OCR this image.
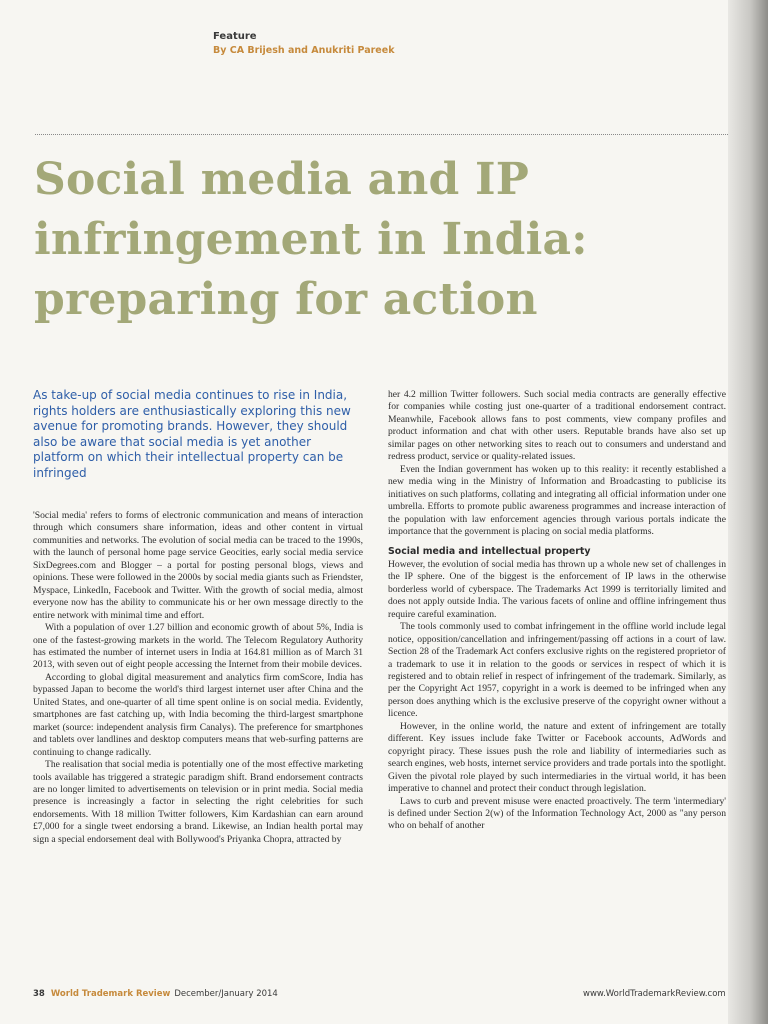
Feature
By CA Brijesh and Anukriti Pareek
Social media and IP
infringement in India:
preparing for action

As take-up of social media continues to rise in India, rights holders are enthusiastically exploring this new avenue for promoting brands. However, they should also be aware that social media is yet another platform on which their intellectual property can be infringed

'Social media' refers to forms of electronic communication and means of interaction through which consumers share information, ideas and other content in virtual communities and networks. The evolution of social media can be traced to the 1990s, with the launch of personal home page service Geocities, early social media service SixDegrees.com and Blogger – a portal for posting personal blogs, views and opinions. These were followed in the 2000s by social media giants such as Friendster, Myspace, LinkedIn, Facebook and Twitter. With the growth of social media, almost everyone now has the ability to communicate his or her own message directly to the entire network with minimal time and effort.

With a population of over 1.27 billion and economic growth of about 5%, India is one of the fastest-growing markets in the world. The Telecom Regulatory Authority has estimated the number of internet users in India at 164.81 million as of March 31 2013, with seven out of eight people accessing the Internet from their mobile devices.

According to global digital measurement and analytics firm comScore, India has bypassed Japan to become the world's third largest internet user after China and the United States, and one-quarter of all time spent online is on social media. Evidently, smartphones are fast catching up, with India becoming the third-largest smartphone market (source: independent analysis firm Canalys). The preference for smartphones and tablets over landlines and desktop computers means that web-surfing patterns are continuing to change radically.

The realisation that social media is potentially one of the most effective marketing tools available has triggered a strategic paradigm shift. Brand endorsement contracts are no longer limited to advertisements on television or in print media. Social media presence is increasingly a factor in selecting the right celebrities for such endorsements. With 18 million Twitter followers, Kim Kardashian can earn around £7,000 for a single tweet endorsing a brand. Likewise, an Indian health portal may sign a special endorsement deal with Bollywood's Priyanka Chopra, attracted by

her 4.2 million Twitter followers. Such social media contracts are generally effective for companies while costing just one-quarter of a traditional endorsement contract. Meanwhile, Facebook allows fans to post comments, view company profiles and product information and chat with other users. Reputable brands have also set up similar pages on other networking sites to reach out to consumers and understand and redress product, service or quality-related issues.

Even the Indian government has woken up to this reality: it recently established a new media wing in the Ministry of Information and Broadcasting to publicise its initiatives on such platforms, collating and integrating all official information under one umbrella. Efforts to promote public awareness programmes and increase interaction of the population with law enforcement agencies through various portals indicate the importance that the government is placing on social media platforms.

Social media and intellectual property

However, the evolution of social media has thrown up a whole new set of challenges in the IP sphere. One of the biggest is the enforcement of IP laws in the otherwise borderless world of cyberspace. The Trademarks Act 1999 is territorially limited and does not apply outside India. The various facets of online and offline infringement thus require careful examination.

The tools commonly used to combat infringement in the offline world include legal notice, opposition/cancellation and infringement/passing off actions in a court of law. Section 28 of the Trademark Act confers exclusive rights on the registered proprietor of a trademark to use it in relation to the goods or services in respect of which it is registered and to obtain relief in respect of infringement of the trademark. Similarly, as per the Copyright Act 1957, copyright in a work is deemed to be infringed when any person does anything which is the exclusive preserve of the copyright owner without a licence.

However, in the online world, the nature and extent of infringement are totally different. Key issues include fake Twitter or Facebook accounts, AdWords and copyright piracy. These issues push the role and liability of intermediaries such as search engines, web hosts, internet service providers and trade portals into the spotlight. Given the pivotal role played by such intermediaries in the virtual world, it has been imperative to channel and protect their conduct through legislation.

Laws to curb and prevent misuse were enacted proactively. The term 'intermediary' is defined under Section 2(w) of the Information Technology Act, 2000 as "any person who on behalf of another

38 World Trademark Review December/January 2014	www.WorldTrademarkReview.com
